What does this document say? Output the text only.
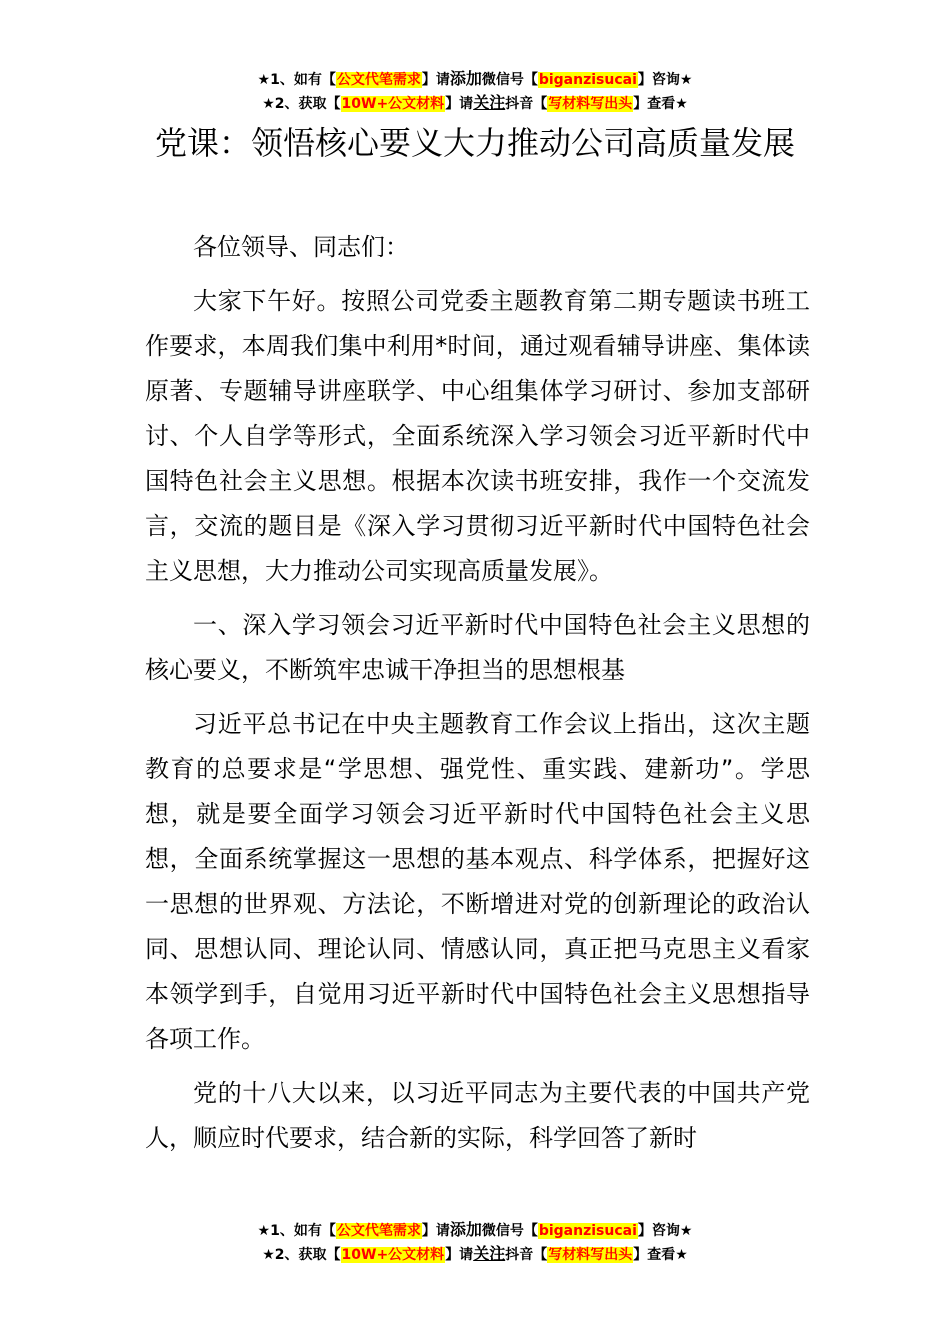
★1、如有【公文代笔需求】请添加微信号【biganzisucai】咨询★
★2、获取【10W+公文材料】请关注抖音【写材料写出头】查看★
党课：领悟核心要义大力推动公司高质量发展

各位领导、同志们：

大家下午好。按照公司党委主题教育第二期专题读书班工作要求，本周我们集中利用*时间，通过观看辅导讲座、集体读原著、专题辅导讲座联学、中心组集体学习研讨、参加支部研讨、个人自学等形式，全面系统深入学习领会习近平新时代中国特色社会主义思想。根据本次读书班安排，我作一个交流发言，交流的题目是《深入学习贯彻习近平新时代中国特色社会主义思想，大力推动公司实现高质量发展》。

一、深入学习领会习近平新时代中国特色社会主义思想的核心要义，不断筑牢忠诚干净担当的思想根基

习近平总书记在中央主题教育工作会议上指出，这次主题教育的总要求是“学思想、强党性、重实践、建新功”。学思想，就是要全面学习领会习近平新时代中国特色社会主义思想，全面系统掌握这一思想的基本观点、科学体系，把握好这一思想的世界观、方法论，不断增进对党的创新理论的政治认同、思想认同、理论认同、情感认同，真正把马克思主义看家本领学到手，自觉用习近平新时代中国特色社会主义思想指导各项工作。

党的十八大以来，以习近平同志为主要代表的中国共产党人，顺应时代要求，结合新的实际，科学回答了新时

★1、如有【公文代笔需求】请添加微信号【biganzisucai】咨询★
★2、获取【10W+公文材料】请关注抖音【写材料写出头】查看★
